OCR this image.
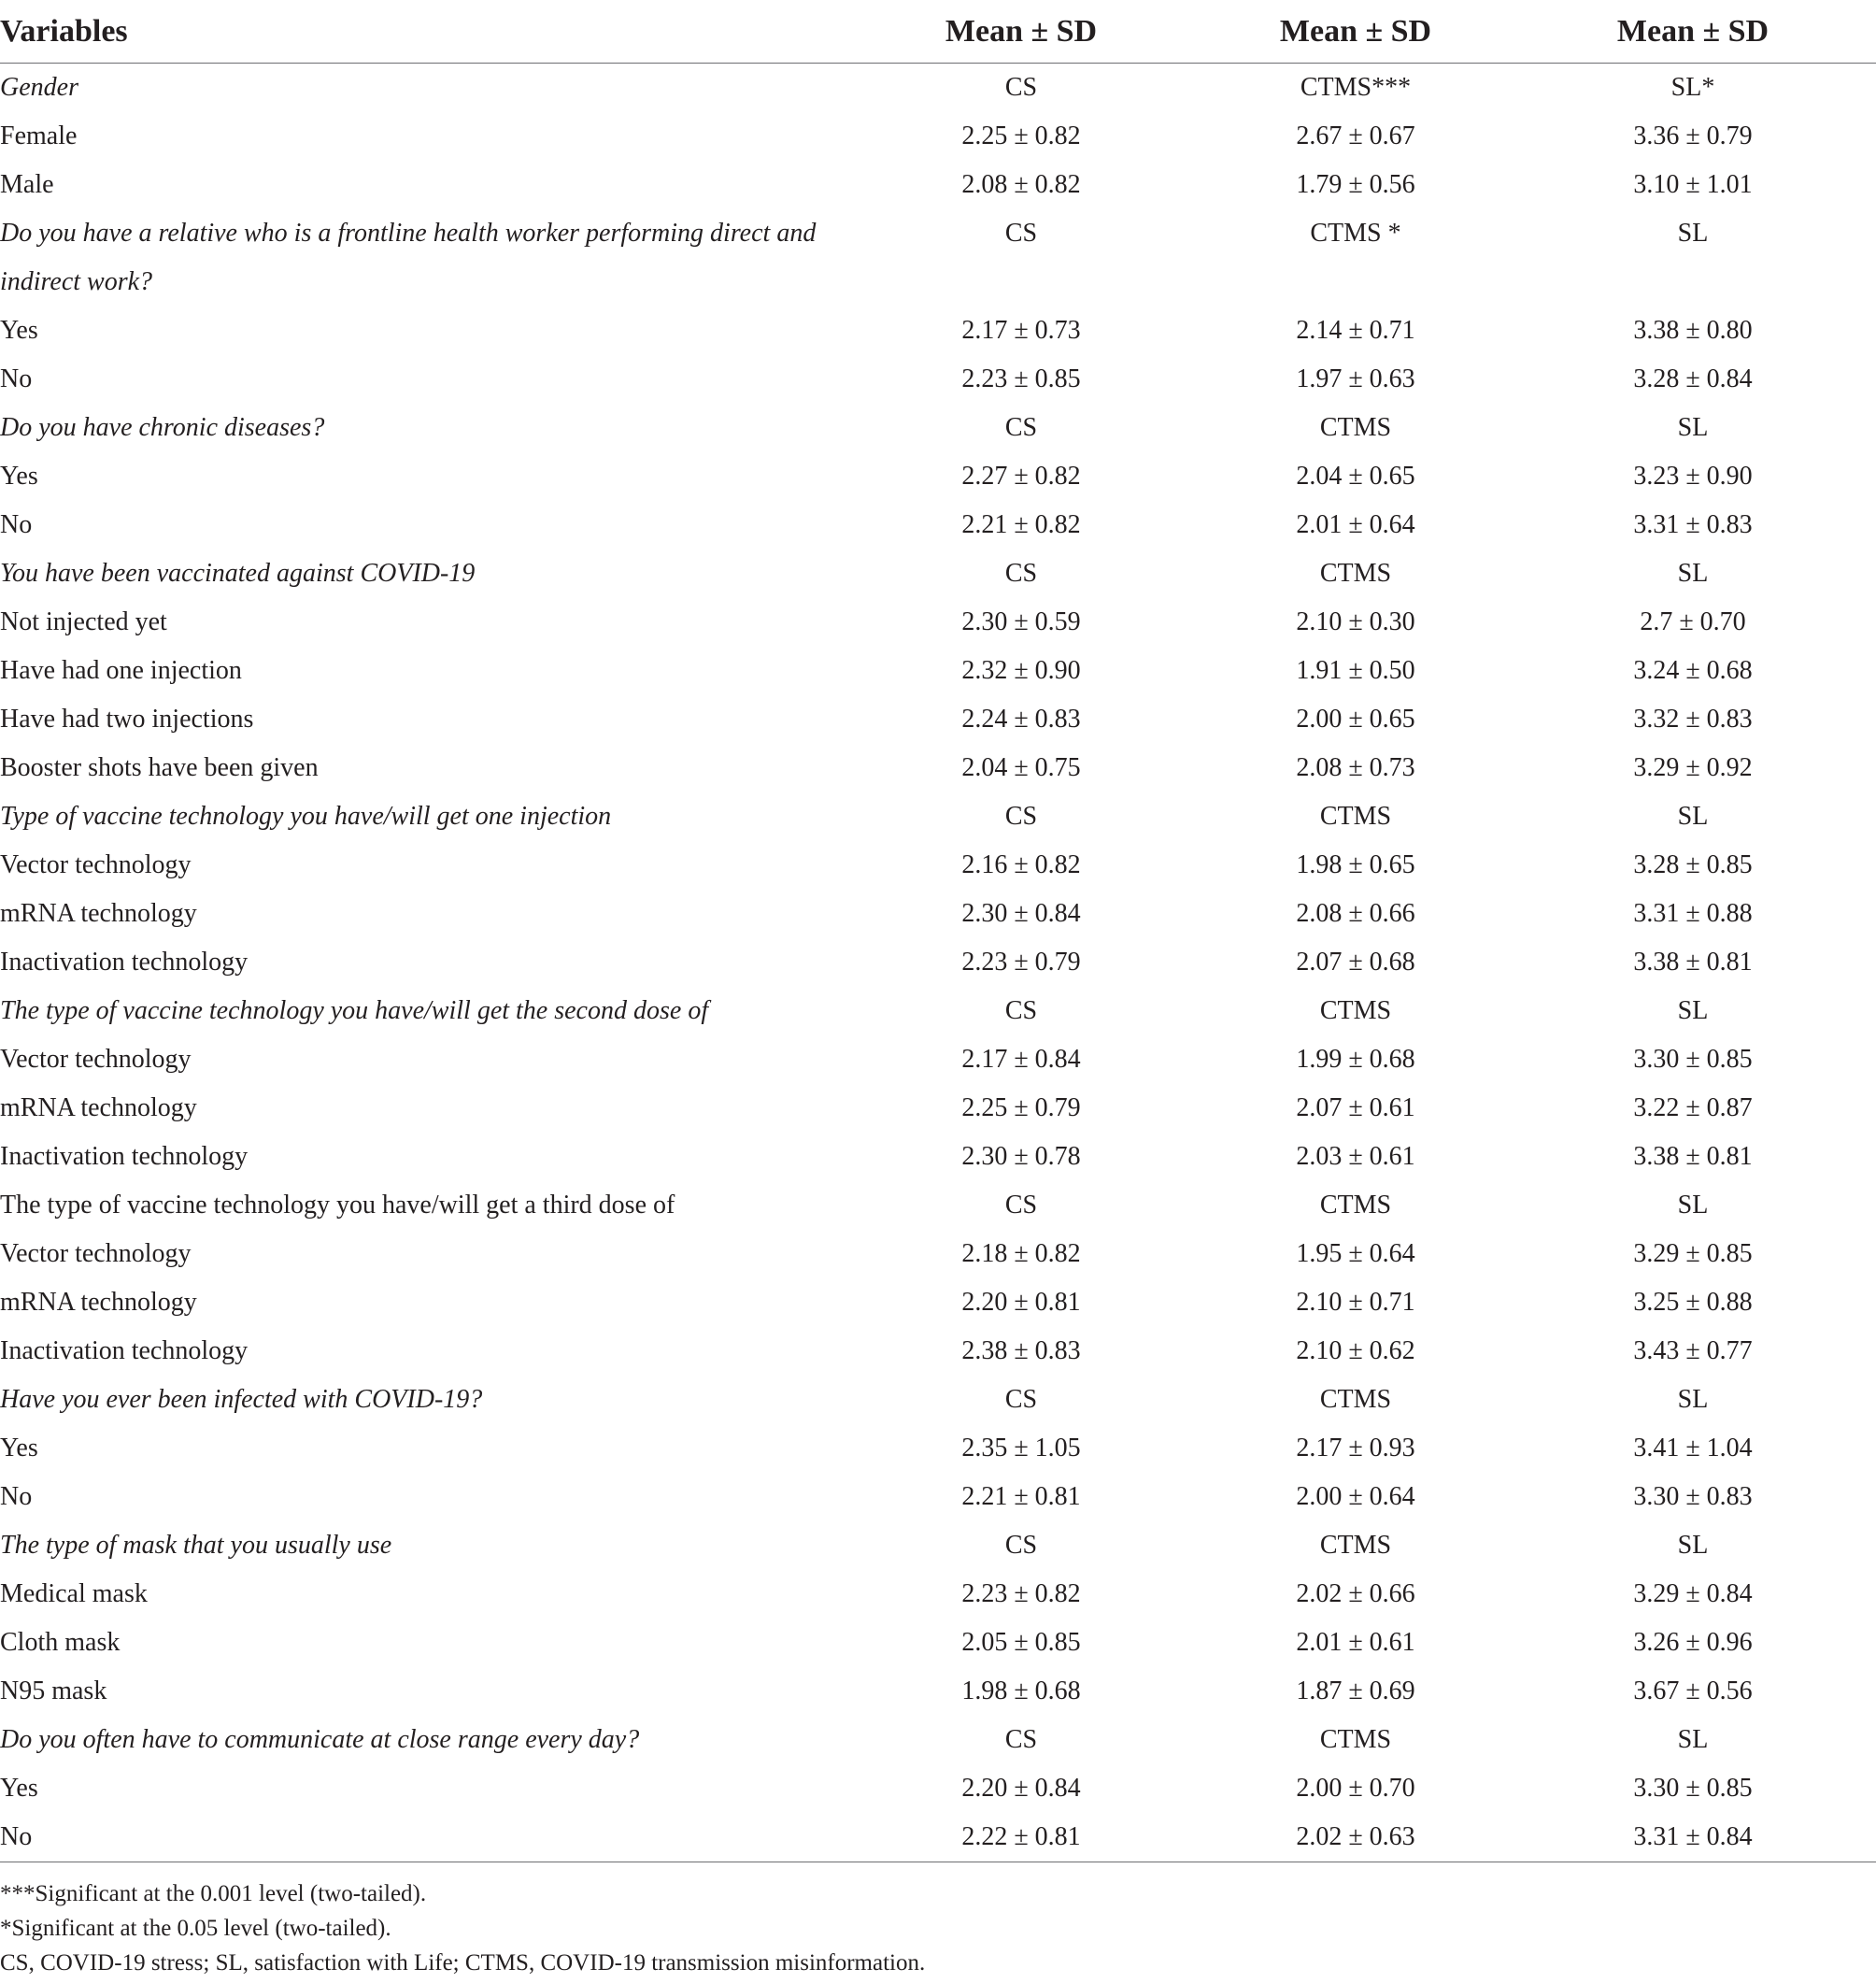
Variables	Mean ± SD	Mean ± SD	Mean ± SD
Gender	CS	CTMS***	SL*
Female	2.25 ± 0.82	2.67 ± 0.67	3.36 ± 0.79
Male	2.08 ± 0.82	1.79 ± 0.56	3.10 ± 1.01
Do you have a relative who is a frontline health worker performing direct and indirect work?	CS	CTMS *	SL
Yes	2.17 ± 0.73	2.14 ± 0.71	3.38 ± 0.80
No	2.23 ± 0.85	1.97 ± 0.63	3.28 ± 0.84
Do you have chronic diseases?	CS	CTMS	SL
Yes	2.27 ± 0.82	2.04 ± 0.65	3.23 ± 0.90
No	2.21 ± 0.82	2.01 ± 0.64	3.31 ± 0.83
You have been vaccinated against COVID-19	CS	CTMS	SL
Not injected yet	2.30 ± 0.59	2.10 ± 0.30	2.7 ± 0.70
Have had one injection	2.32 ± 0.90	1.91 ± 0.50	3.24 ± 0.68
Have had two injections	2.24 ± 0.83	2.00 ± 0.65	3.32 ± 0.83
Booster shots have been given	2.04 ± 0.75	2.08 ± 0.73	3.29 ± 0.92
Type of vaccine technology you have/will get one injection	CS	CTMS	SL
Vector technology	2.16 ± 0.82	1.98 ± 0.65	3.28 ± 0.85
mRNA technology	2.30 ± 0.84	2.08 ± 0.66	3.31 ± 0.88
Inactivation technology	2.23 ± 0.79	2.07 ± 0.68	3.38 ± 0.81
The type of vaccine technology you have/will get the second dose of	CS	CTMS	SL
Vector technology	2.17 ± 0.84	1.99 ± 0.68	3.30 ± 0.85
mRNA technology	2.25 ± 0.79	2.07 ± 0.61	3.22 ± 0.87
Inactivation technology	2.30 ± 0.78	2.03 ± 0.61	3.38 ± 0.81
The type of vaccine technology you have/will get a third dose of	CS	CTMS	SL
Vector technology	2.18 ± 0.82	1.95 ± 0.64	3.29 ± 0.85
mRNA technology	2.20 ± 0.81	2.10 ± 0.71	3.25 ± 0.88
Inactivation technology	2.38 ± 0.83	2.10 ± 0.62	3.43 ± 0.77
Have you ever been infected with COVID-19?	CS	CTMS	SL
Yes	2.35 ± 1.05	2.17 ± 0.93	3.41 ± 1.04
No	2.21 ± 0.81	2.00 ± 0.64	3.30 ± 0.83
The type of mask that you usually use	CS	CTMS	SL
Medical mask	2.23 ± 0.82	2.02 ± 0.66	3.29 ± 0.84
Cloth mask	2.05 ± 0.85	2.01 ± 0.61	3.26 ± 0.96
N95 mask	1.98 ± 0.68	1.87 ± 0.69	3.67 ± 0.56
Do you often have to communicate at close range every day?	CS	CTMS	SL
Yes	2.20 ± 0.84	2.00 ± 0.70	3.30 ± 0.85
No	2.22 ± 0.81	2.02 ± 0.63	3.31 ± 0.84
***Significant at the 0.001 level (two-tailed).
*Significant at the 0.05 level (two-tailed).
CS, COVID-19 stress; SL, satisfaction with Life; CTMS, COVID-19 transmission misinformation.
